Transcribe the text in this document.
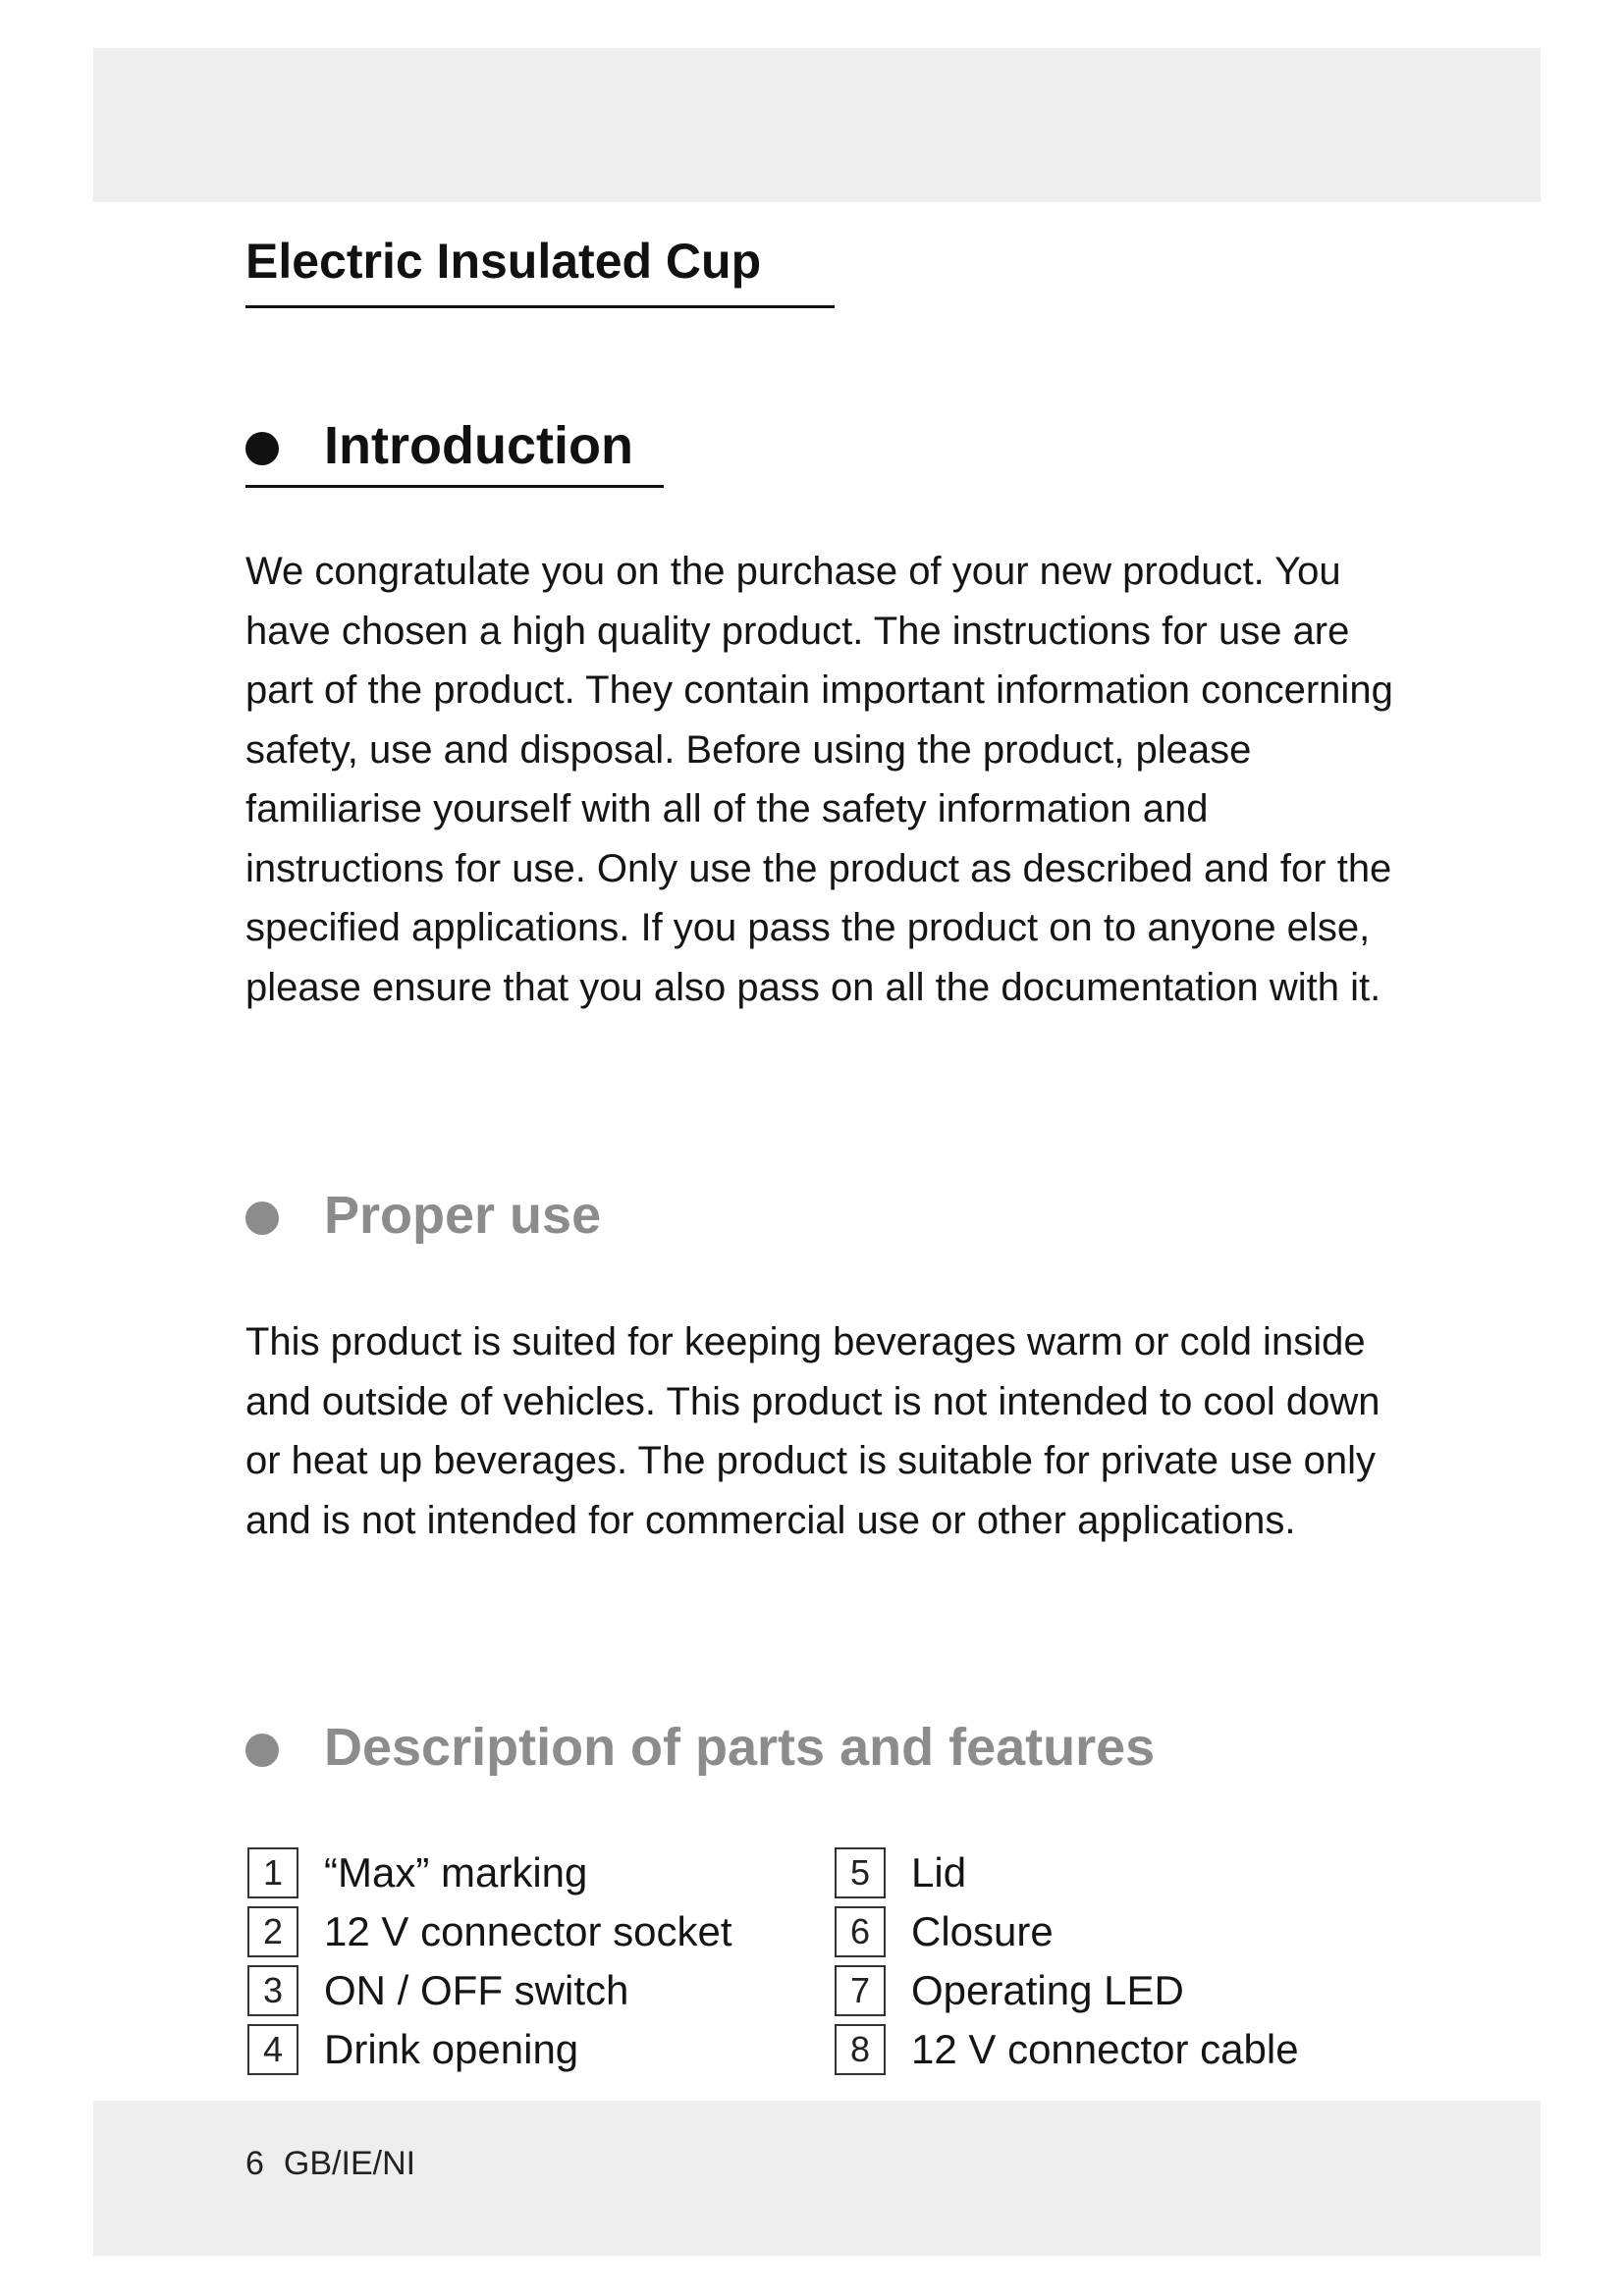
Electric Insulated Cup
Introduction

We congratulate you on the purchase of your new product. You have chosen a high quality product. The instructions for use are part of the product. They contain important information concerning safety, use and disposal. Before using the product, please familiarise yourself with all of the safety information and instructions for use. Only use the product as described and for the specified applications. If you pass the product on to anyone else, please ensure that you also pass on all the documentation with it.

Proper use

This product is suited for keeping beverages warm or cold inside and outside of vehicles. This product is not intended to cool down or heat up beverages. The product is suitable for private use only and is not intended for commercial use or other applications.

Description of parts and features
1 “Max” marking
2 12 V connector socket
3 ON / OFF switch
4 Drink opening
5 Lid
6 Closure
7 Operating LED
8 12 V connector cable
6 GB/IE/NI
